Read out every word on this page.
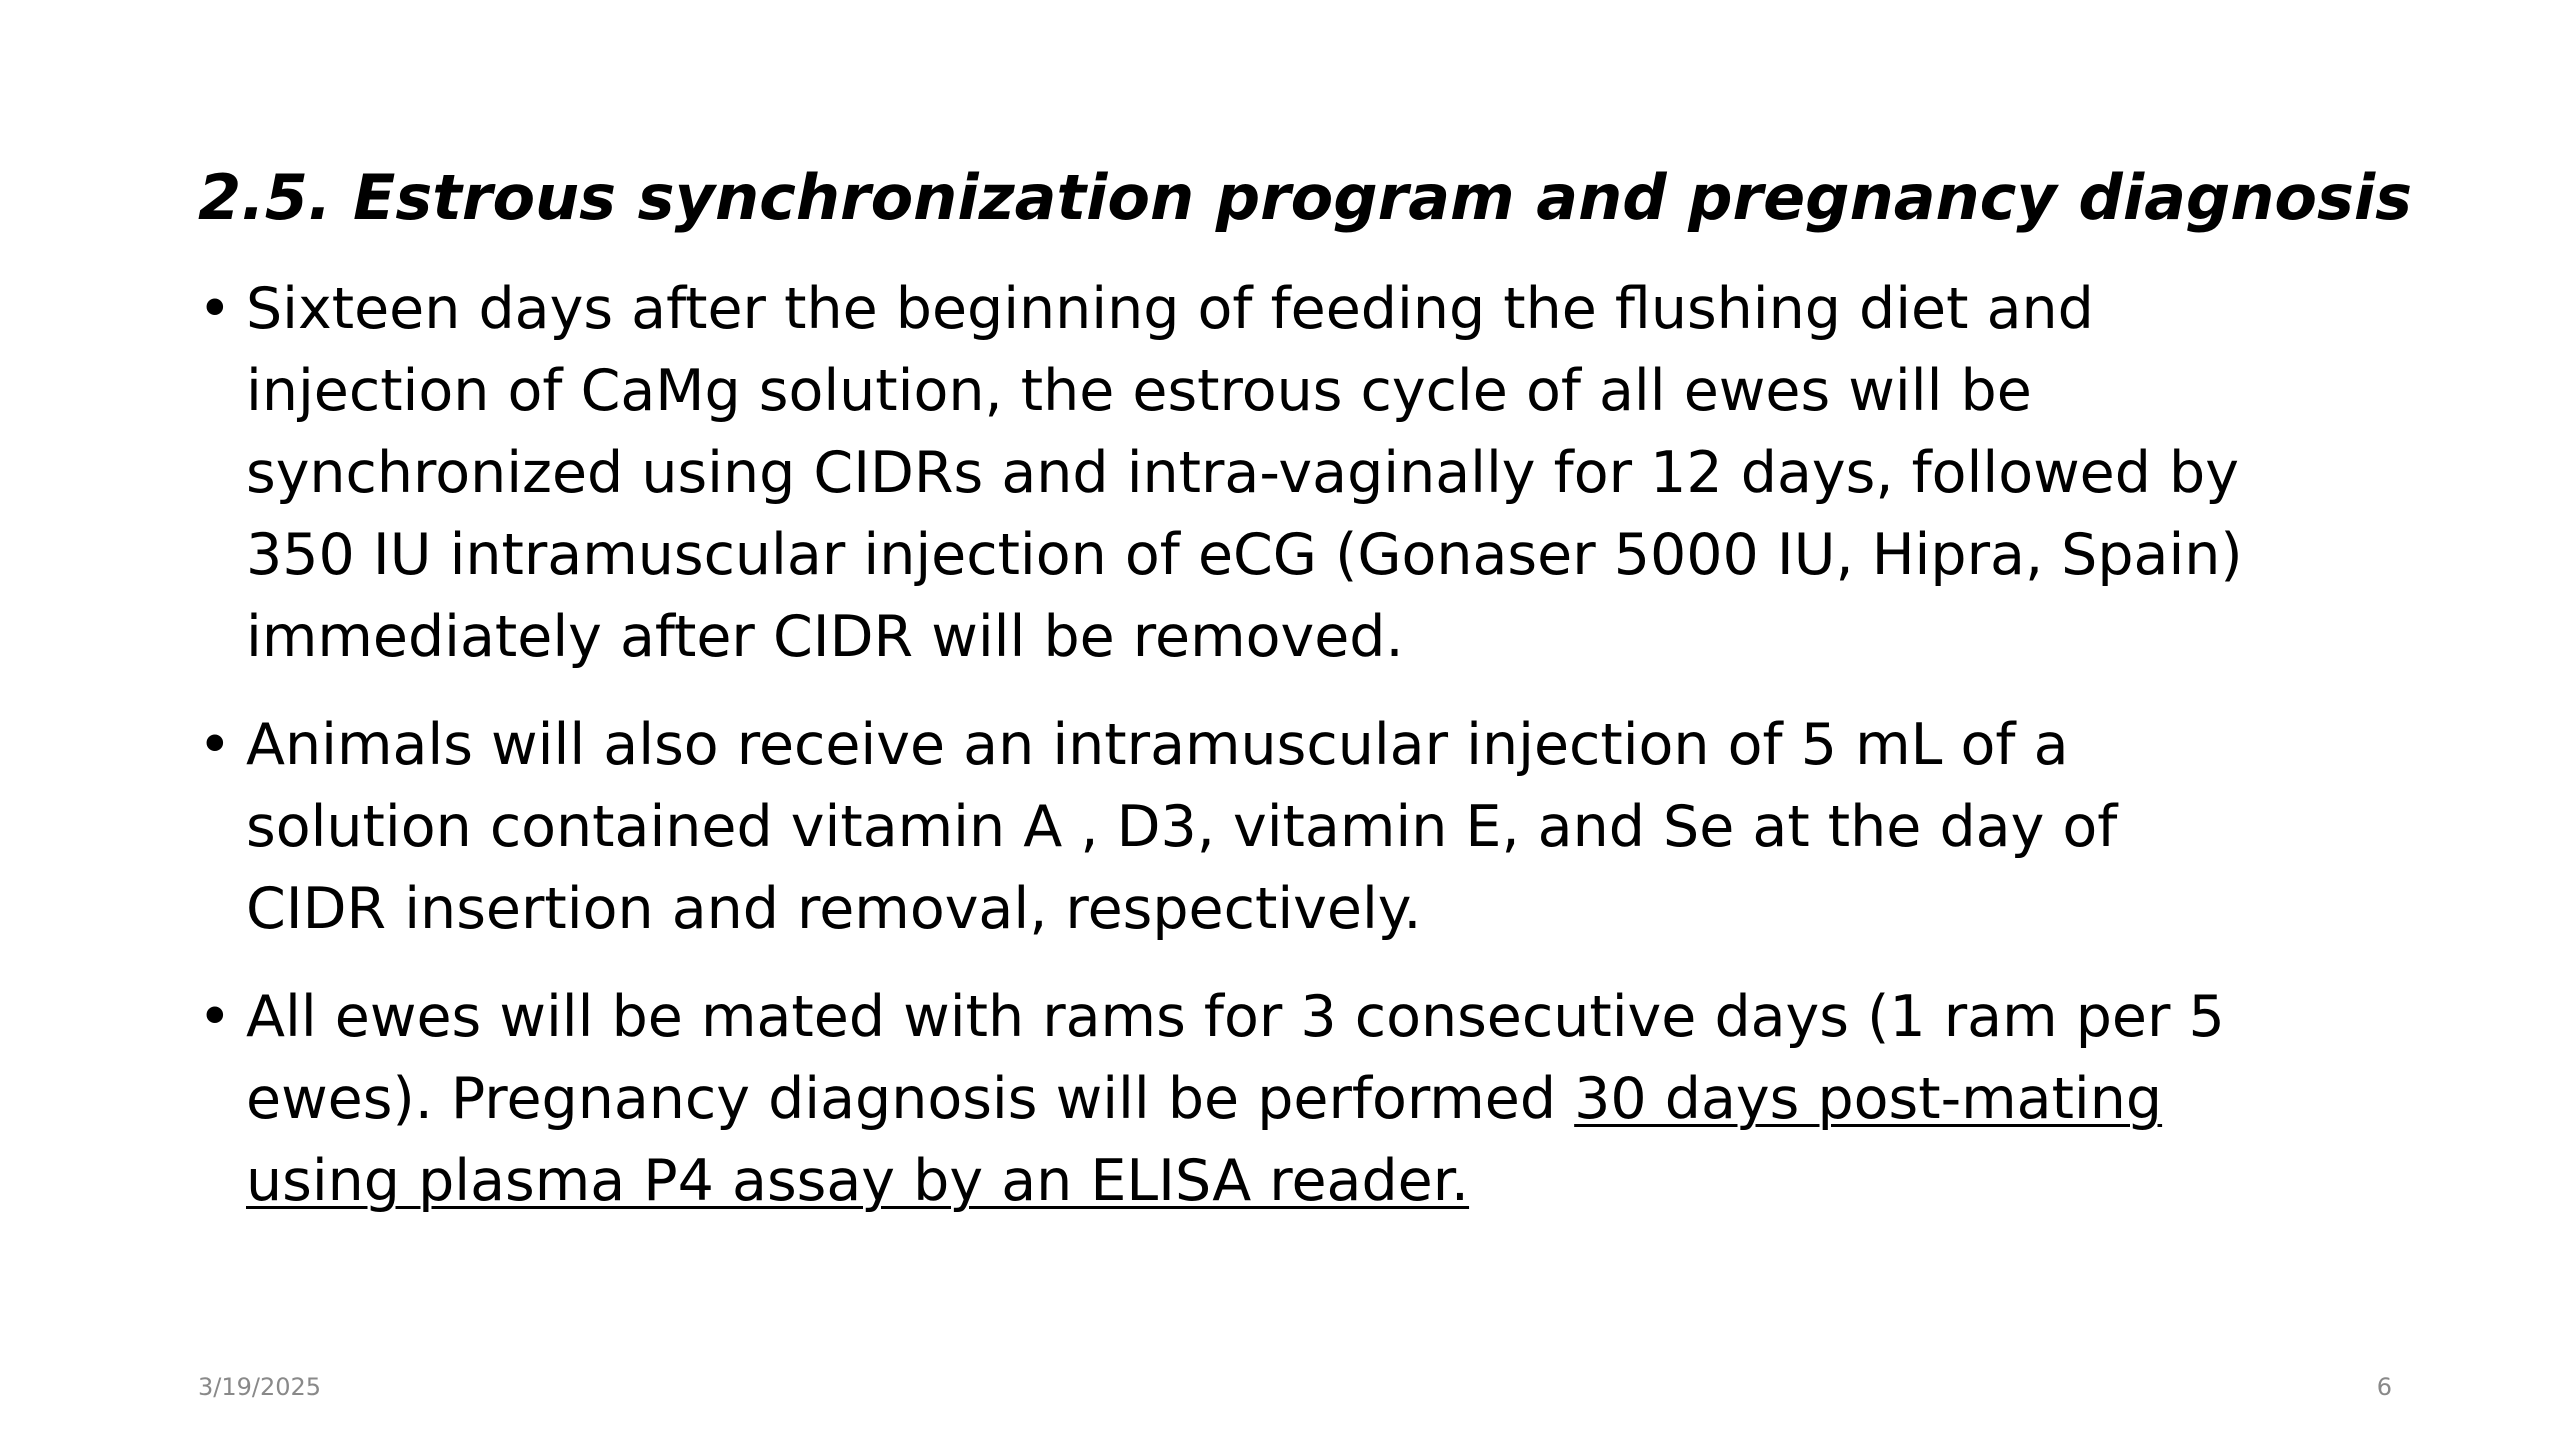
2.5. Estrous synchronization program and pregnancy diagnosis
• Sixteen days after the beginning of feeding the flushing diet and
injection of CaMg solution, the estrous cycle of all ewes will be
synchronized using CIDRs and intra-vaginally for 12 days, followed by
350 IU intramuscular injection of eCG (Gonaser 5000 IU, Hipra, Spain)
immediately after CIDR will be removed.
• Animals will also receive an intramuscular injection of 5 mL of a
solution contained vitamin A , D3, vitamin E, and Se at the day of
CIDR insertion and removal, respectively.
• All ewes will be mated with rams for 3 consecutive days (1 ram per 5
ewes). Pregnancy diagnosis will be performed 30 days post-mating
using plasma P4 assay by an ELISA reader.
3/19/2025	6
